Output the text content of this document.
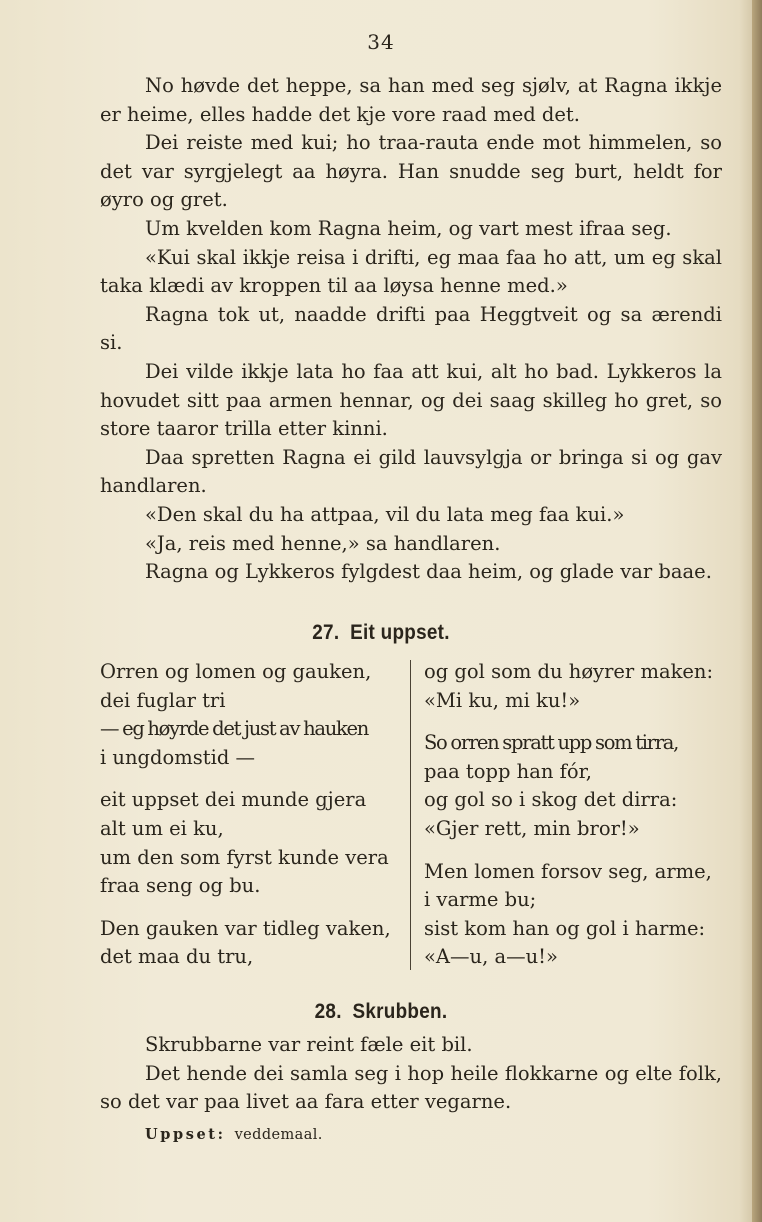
34

No høvde det heppe, sa han med seg sjølv, at Ragna ikkje er heime, elles hadde det kje vore raad med det.

Dei reiste med kui; ho traa-rauta ende mot himmelen, so det var syrgjelegt aa høyra. Han snudde seg burt, heldt for øyro og gret.

Um kvelden kom Ragna heim, og vart mest ifraa seg.

«Kui skal ikkje reisa i drifti, eg maa faa ho att, um eg skal taka klædi av kroppen til aa løysa henne med.»

Ragna tok ut, naadde drifti paa Heggtveit og sa ærendi si.

Dei vilde ikkje lata ho faa att kui, alt ho bad. Lykkeros la hovudet sitt paa armen hennar, og dei saag skilleg ho gret, so store taaror trilla etter kinni.

Daa spretten Ragna ei gild lauvsylgja or bringa si og gav handlaren.

«Den skal du ha attpaa, vil du lata meg faa kui.»

«Ja, reis med henne,» sa handlaren.

Ragna og Lykkeros fylgdest daa heim, og glade var baae.

27. Eit uppset.
Orren og lomen og gauken,
dei fuglar tri
— eg høyrde det just av hauken
i ungdomstid —
eit uppset dei munde gjera
alt um ei ku,
um den som fyrst kunde vera
fraa seng og bu.
Den gauken var tidleg vaken,
det maa du tru,
og gol som du høyrer maken:
«Mi ku, mi ku!»
So orren spratt upp som tirra,
paa topp han fór,
og gol so i skog det dirra:
«Gjer rett, min bror!»
Men lomen forsov seg, arme,
i varme bu;
sist kom han og gol i harme:
«A—u, a—u!»
28. Skrubben.

Skrubbarne var reint fæle eit bil.

Det hende dei samla seg i hop heile flokkarne og elte folk, so det var paa livet aa fara etter vegarne.

Uppset: veddemaal.
